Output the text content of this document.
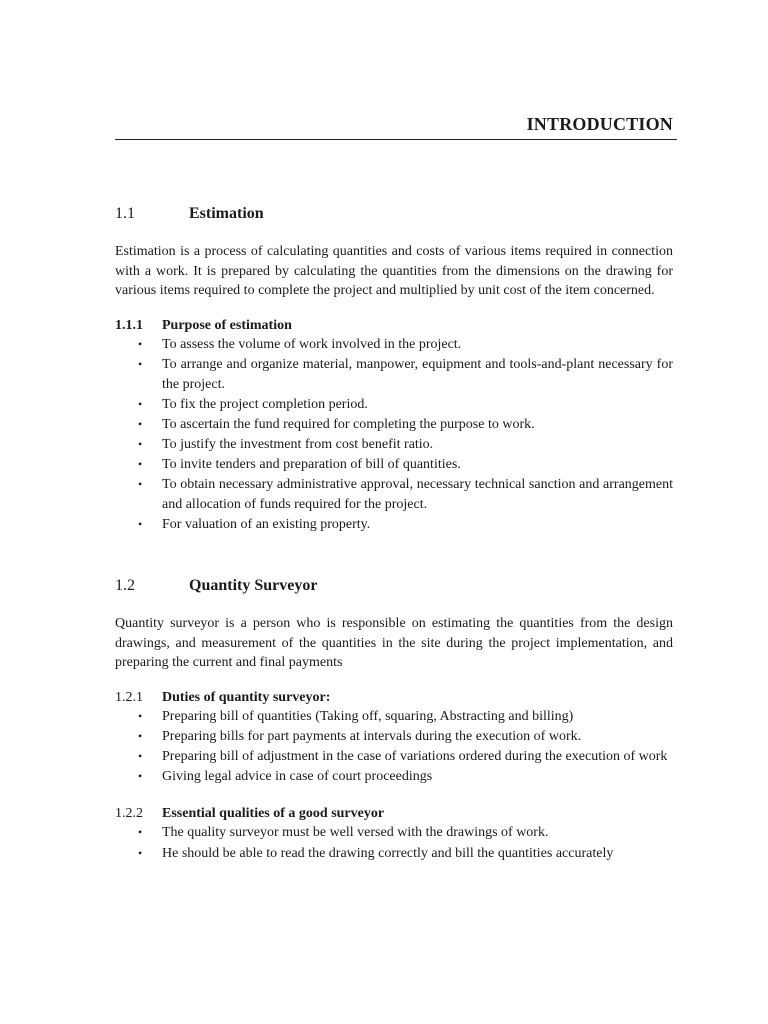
INTRODUCTION
1.1	Estimation

Estimation is a process of calculating quantities and costs of various items required in connection with a work. It is prepared by calculating the quantities from the dimensions on the drawing for various items required to complete the project and multiplied by unit cost of the item concerned.

1.1.1	Purpose of estimation
• To assess the volume of work involved in the project.
• To arrange and organize material, manpower, equipment and tools-and-plant necessary for the project.
• To fix the project completion period.
• To ascertain the fund required for completing the purpose to work.
• To justify the investment from cost benefit ratio.
• To invite tenders and preparation of bill of quantities.
• To obtain necessary administrative approval, necessary technical sanction and arrangement and allocation of funds required for the project.
• For valuation of an existing property.
1.2	Quantity Surveyor

Quantity surveyor is a person who is responsible on estimating the quantities from the design drawings, and measurement of the quantities in the site during the project implementation, and preparing the current and final payments

1.2.1	Duties of quantity surveyor:
• Preparing bill of quantities (Taking off, squaring, Abstracting and billing)
• Preparing bills for part payments at intervals during the execution of work.
• Preparing bill of adjustment in the case of variations ordered during the execution of work
• Giving legal advice in case of court proceedings
1.2.2	Essential qualities of a good surveyor
• The quality surveyor must be well versed with the drawings of work.
• He should be able to read the drawing correctly and bill the quantities accurately
